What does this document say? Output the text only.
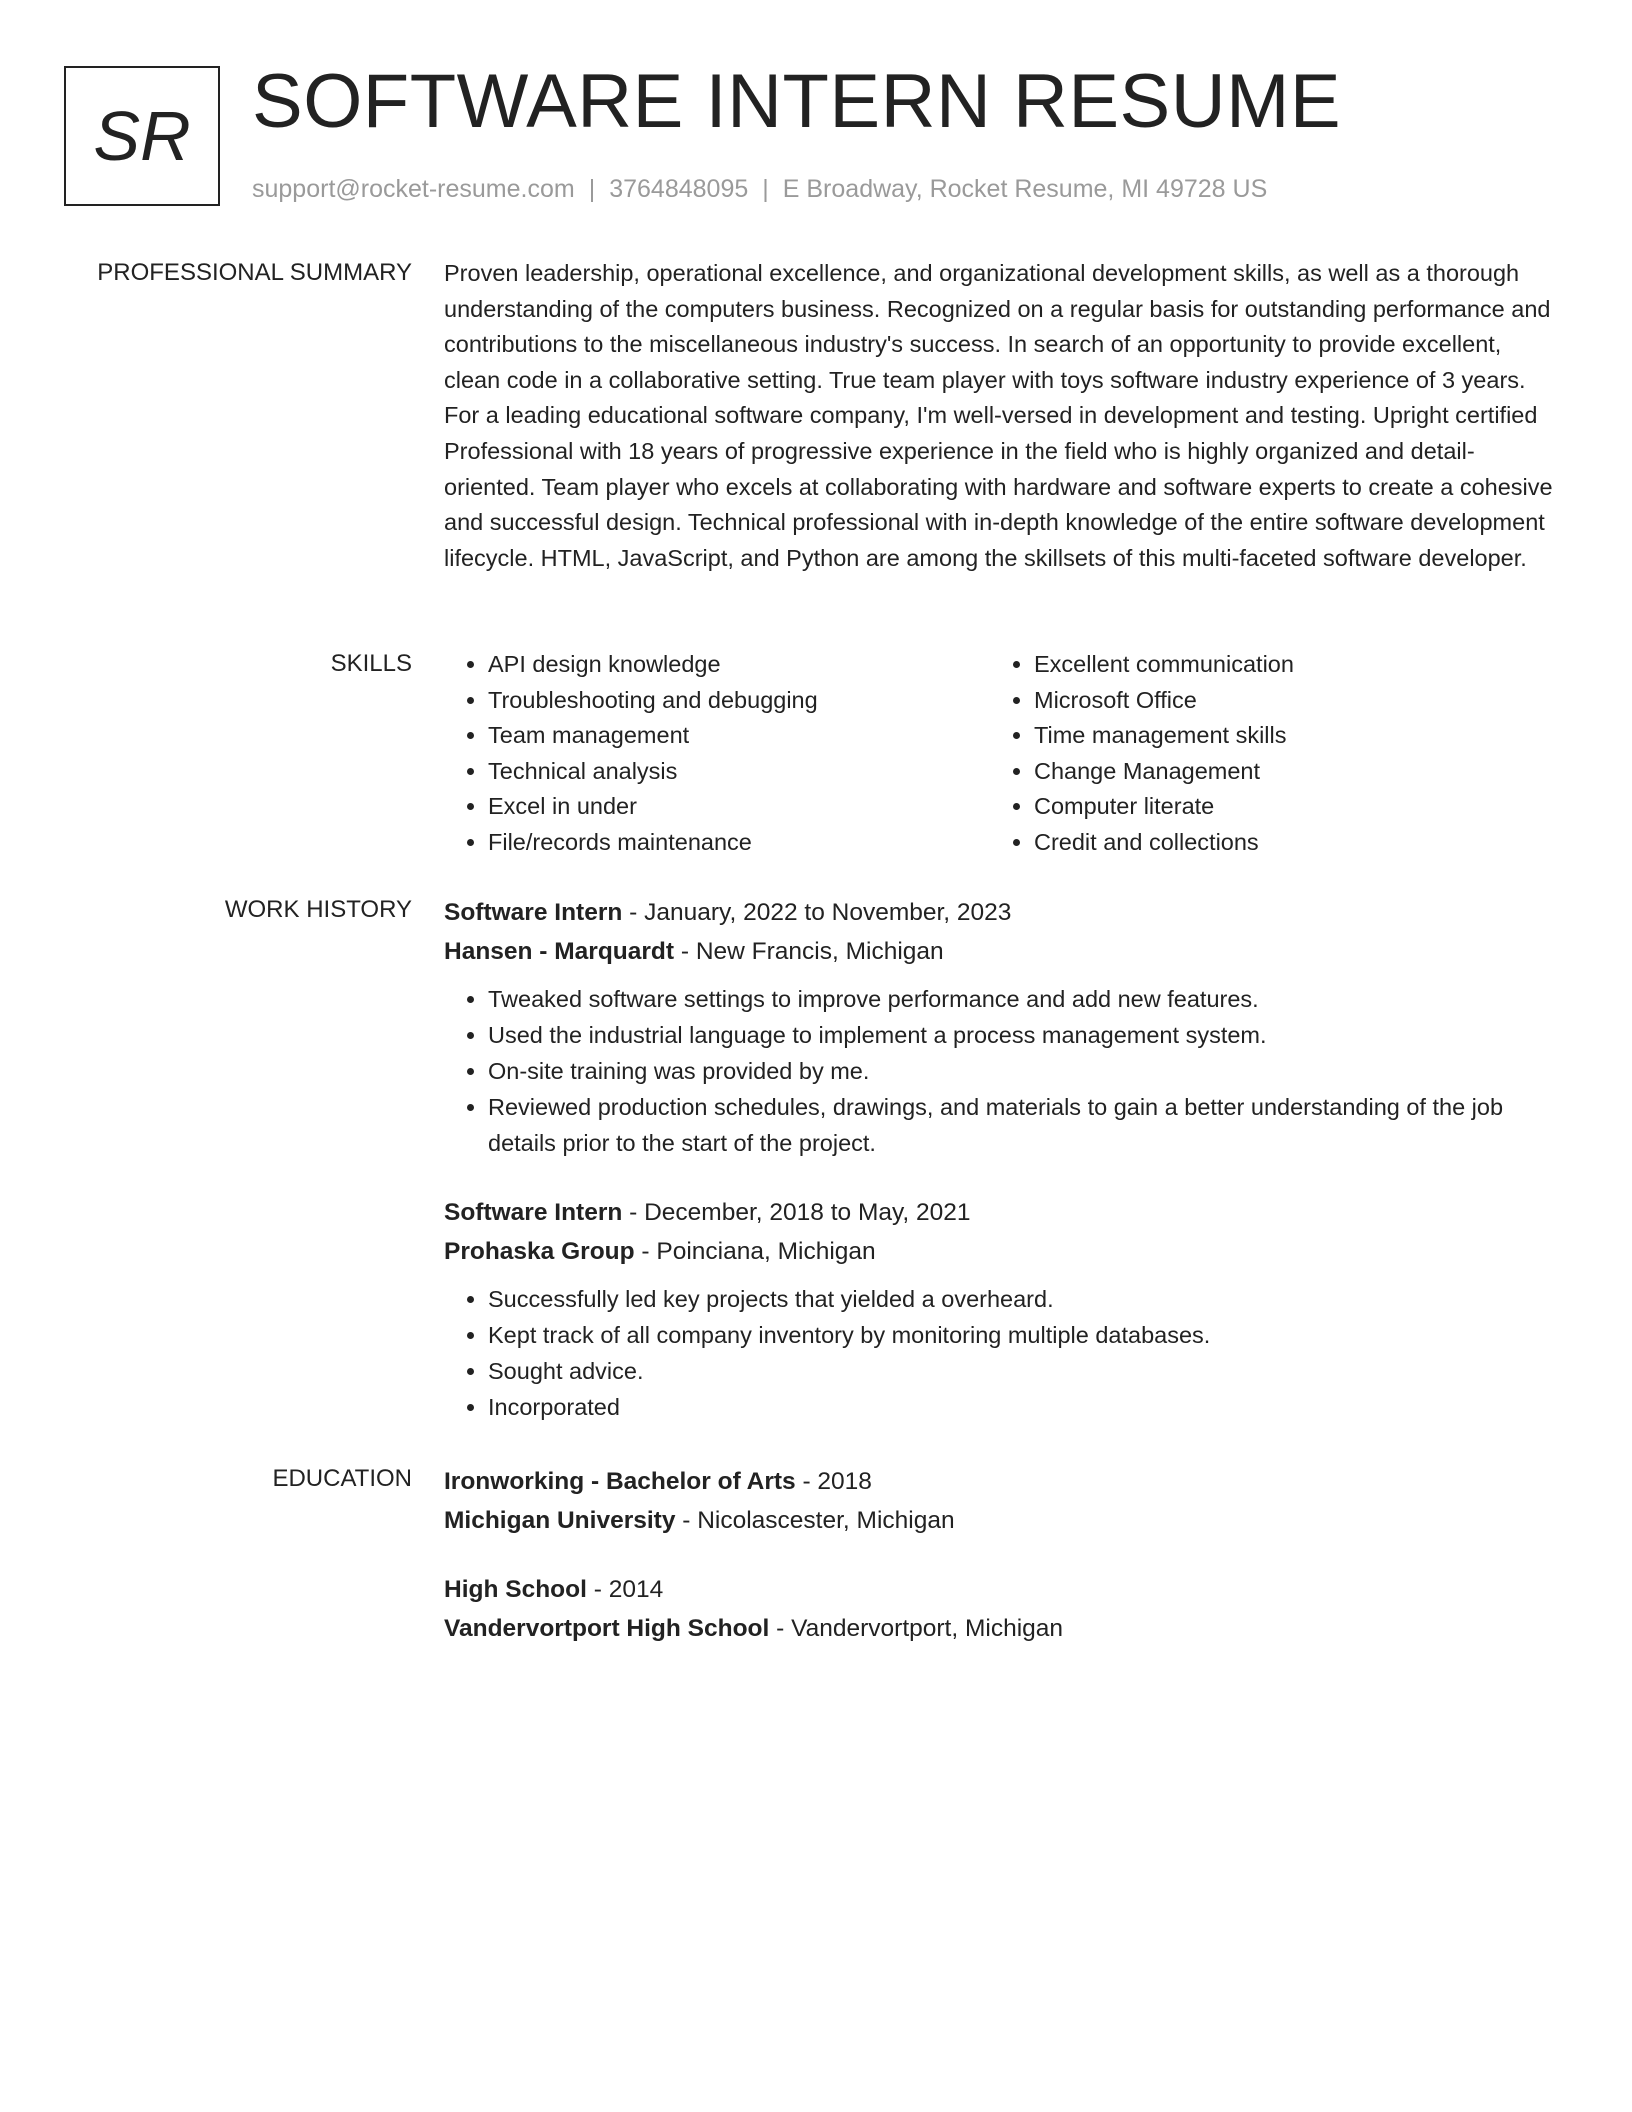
SR SOFTWARE INTERN RESUME
support@rocket-resume.com | 3764848095 | E Broadway, Rocket Resume, MI 49728 US
PROFESSIONAL SUMMARY Proven leadership, operational excellence, and organizational development skills, as well as a thorough understanding of the computers business. Recognized on a regular basis for outstanding performance and contributions to the miscellaneous industry's success. In search of an opportunity to provide excellent, clean code in a collaborative setting. True team player with toys software industry experience of 3 years. For a leading educational software company, I'm well-versed in development and testing. Upright certified Professional with 18 years of progressive experience in the field who is highly organized and detail-oriented. Team player who excels at collaborating with hardware and software experts to create a cohesive and successful design. Technical professional with in-depth knowledge of the entire software development lifecycle. HTML, JavaScript, and Python are among the skillsets of this multi-faceted software developer.

SKILLS
•	API design knowledge
• Troubleshooting and debugging
• Team management
• Technical analysis
• Excel in under
• File/records maintenance
• Excellent communication
• Microsoft Office
• Time management skills
• Change Management
• Computer literate
• Credit and collections
WORK HISTORY Software Intern - January, 2022 to November, 2023
Hansen - Marquardt - New Francis, Michigan
• Tweaked software settings to improve performance and add new features.
• Used the industrial language to implement a process management system.
• On-site training was provided by me.
• Reviewed production schedules, drawings, and materials to gain a better understanding of the job details prior to the start of the project.
Software Intern - December, 2018 to May, 2021
Prohaska Group - Poinciana, Michigan
• Successfully led key projects that yielded a overheard.
• Kept track of all company inventory by monitoring multiple databases.
• Sought advice.
• Incorporated
EDUCATION Ironworking - Bachelor of Arts - 2018
Michigan University - Nicolascester, Michigan
High School - 2014
Vandervortport High School - Vandervortport, Michigan
